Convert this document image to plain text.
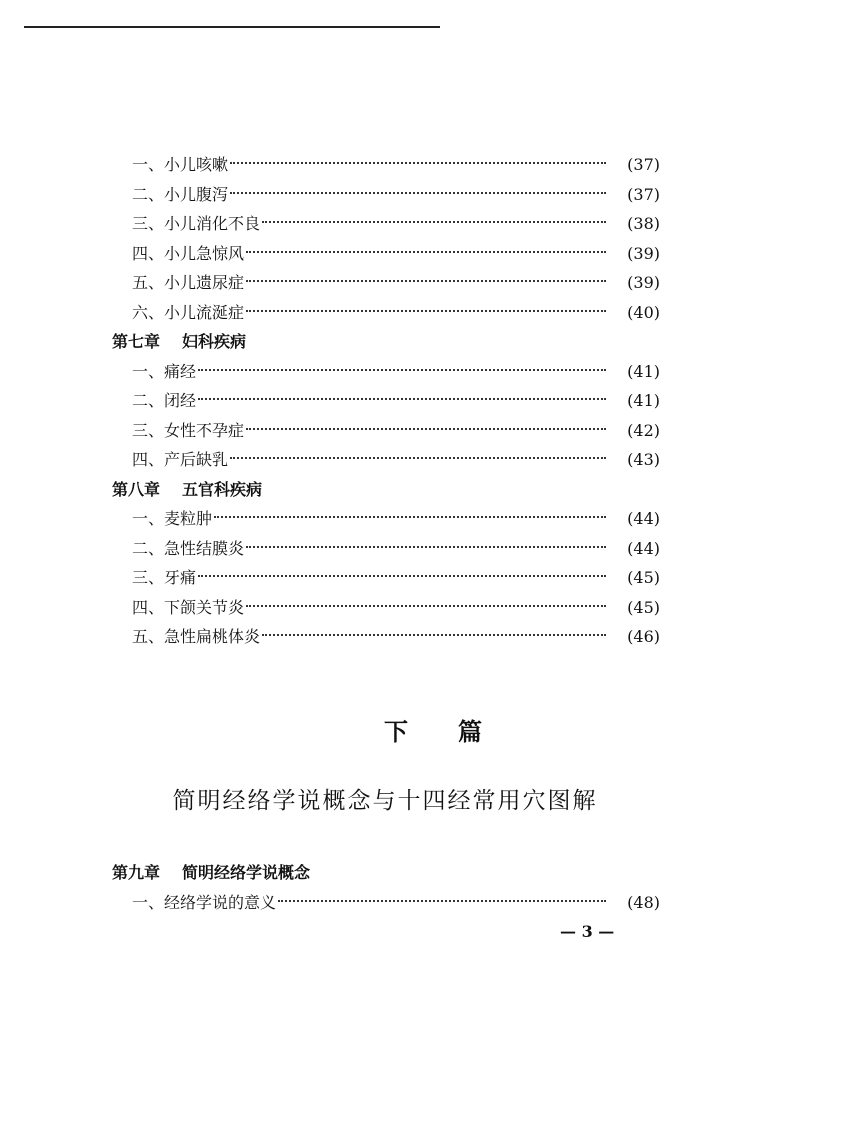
一、小儿咳嗽	(37)
二、小儿腹泻	(37)
三、小儿消化不良	(38)
四、小儿急惊风	(39)
五、小儿遗尿症	(39)
六、小儿流涎症	(40)
第七章 妇科疾病
一、痛经	(41)
二、闭经	(41)
三、女性不孕症	(42)
四、产后缺乳	(43)
第八章 五官科疾病
一、麦粒肿	(44)
二、急性结膜炎	(44)
三、牙痛	(45)
四、下颌关节炎	(45)
五、急性扁桃体炎	(46)
下 篇
简明经络学说概念与十四经常用穴图解
第九章 简明经络学说概念
一、经络学说的意义	(48)
— 3 —
